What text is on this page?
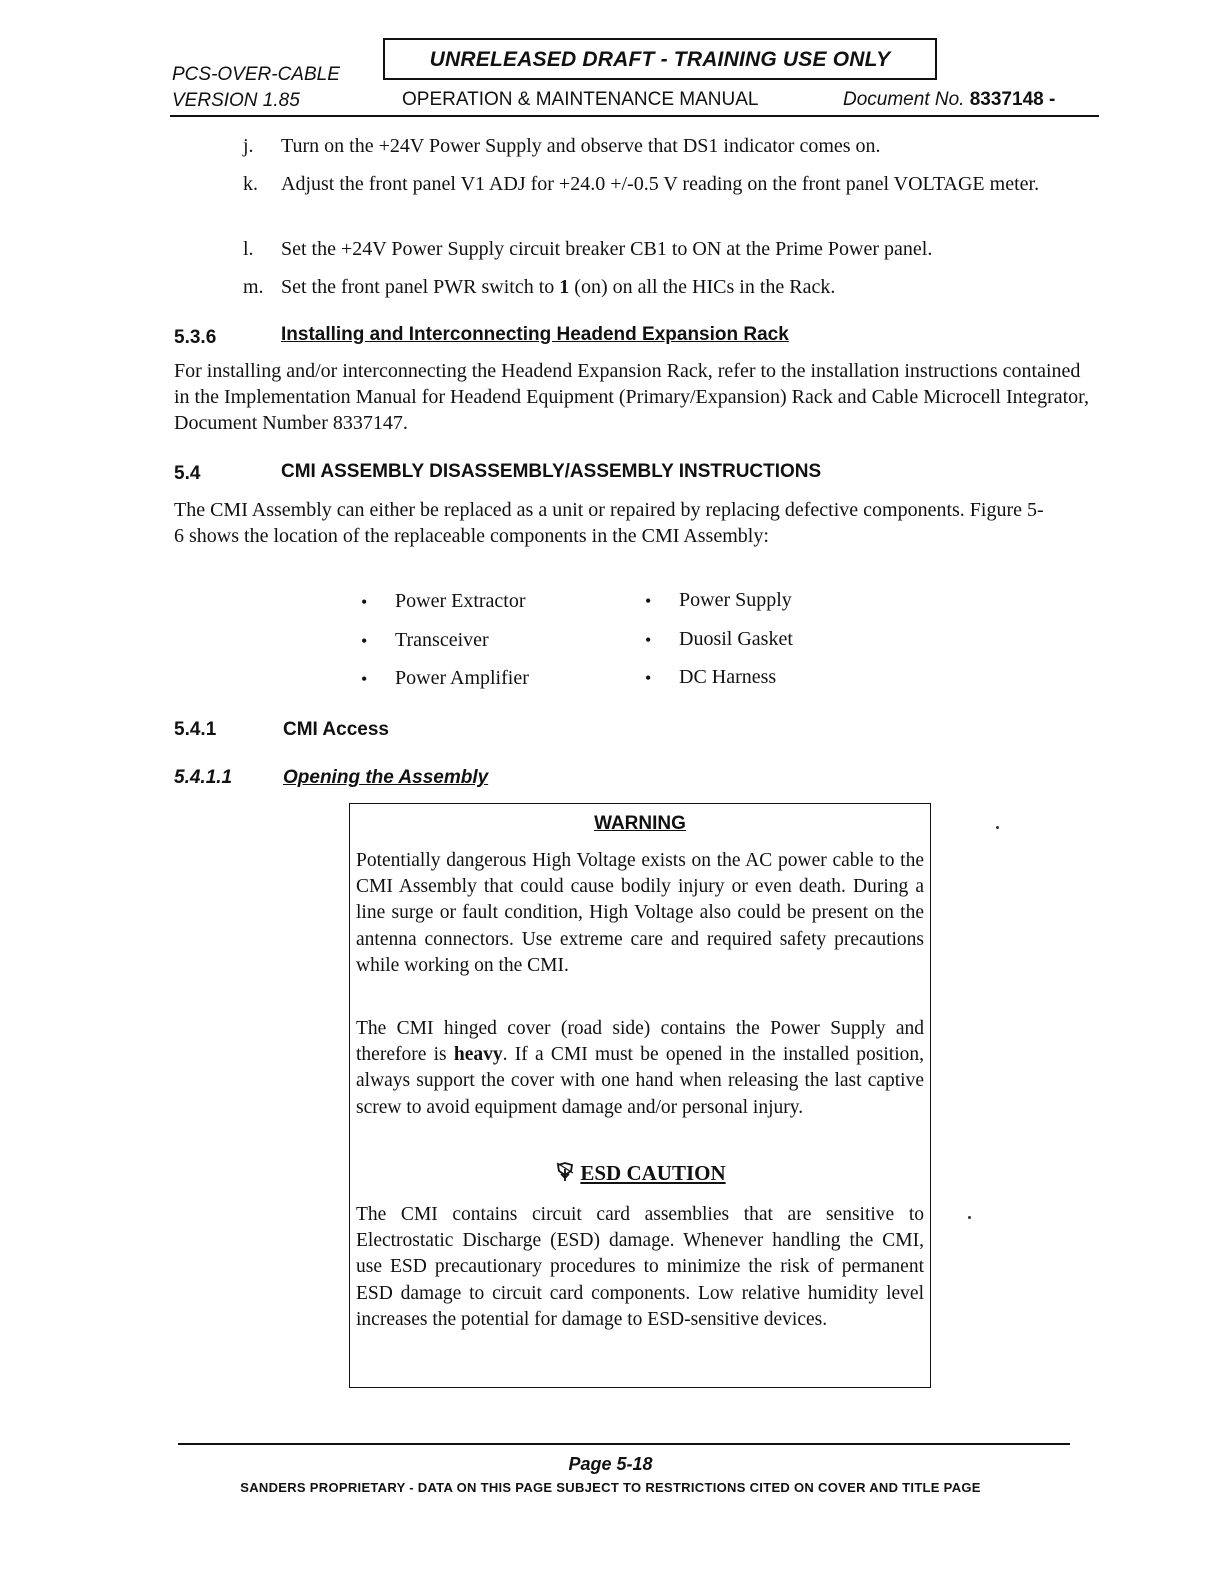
PCS-OVER-CABLE
VERSION 1.85
UNRELEASED DRAFT - TRAINING USE ONLY
OPERATION & MAINTENANCE MANUAL	Document No. 8337148 -
j. Turn on the +24V Power Supply and observe that DS1 indicator comes on.
k. Adjust the front panel V1 ADJ for +24.0 +/-0.5 V reading on the front panel VOLTAGE meter.
l. Set the +24V Power Supply circuit breaker CB1 to ON at the Prime Power panel.
m. Set the front panel PWR switch to 1 (on) on all the HICs in the Rack.
5.3.6	Installing and Interconnecting Headend Expansion Rack
For installing and/or interconnecting the Headend Expansion Rack, refer to the installation instructions contained in the Implementation Manual for Headend Equipment (Primary/Expansion) Rack and Cable Microcell Integrator, Document Number 8337147.
5.4	CMI ASSEMBLY DISASSEMBLY/ASSEMBLY INSTRUCTIONS
The CMI Assembly can either be replaced as a unit or repaired by replacing defective components. Figure 5-6 shows the location of the replaceable components in the CMI Assembly:
• Power Extractor
• Transceiver
• Power Amplifier
• Power Supply
• Duosil Gasket
• DC Harness
5.4.1	CMI Access
5.4.1.1	Opening the Assembly
WARNING
Potentially dangerous High Voltage exists on the AC power cable to the CMI Assembly that could cause bodily injury or even death. During a line surge or fault condition, High Voltage also could be present on the antenna connectors. Use extreme care and required safety precautions while working on the CMI.
The CMI hinged cover (road side) contains the Power Supply and therefore is heavy. If a CMI must be opened in the installed position, always support the cover with one hand when releasing the last captive screw to avoid equipment damage and/or personal injury.
ESD CAUTION
The CMI contains circuit card assemblies that are sensitive to Electrostatic Discharge (ESD) damage. Whenever handling the CMI, use ESD precautionary procedures to minimize the risk of permanent ESD damage to circuit card components. Low relative humidity level increases the potential for damage to ESD-sensitive devices.
Page 5-18
SANDERS PROPRIETARY - DATA ON THIS PAGE SUBJECT TO RESTRICTIONS CITED ON COVER AND TITLE PAGE
